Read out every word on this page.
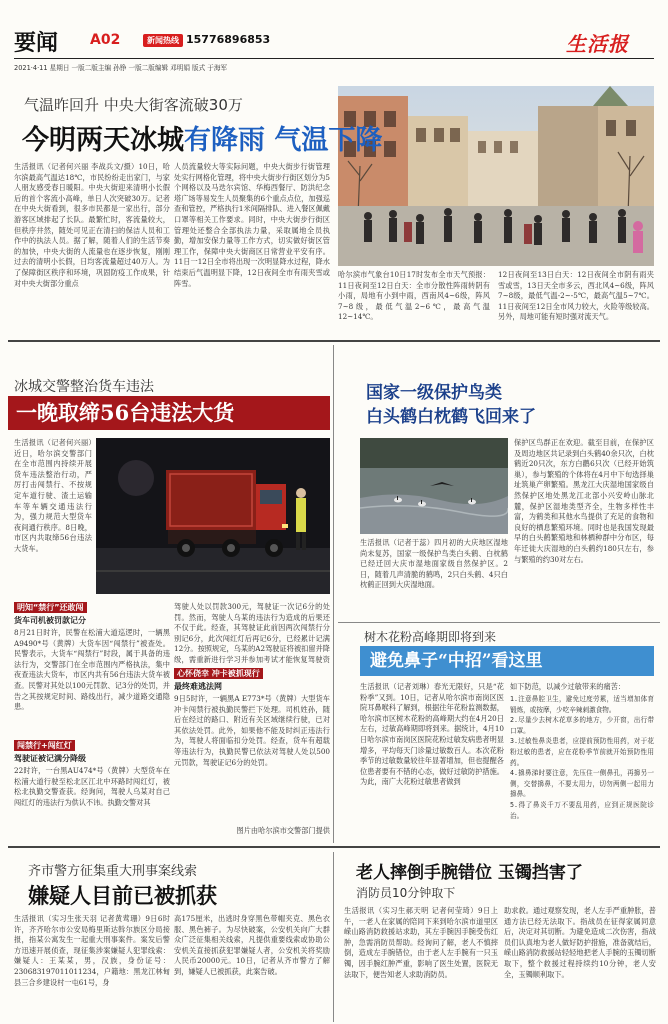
要闻 A02	新闻热线 15776896853	生活报
2021·4·11 星期日 一版二版主编 孙铮 一版二版编辑 邓明娟 版式 于海军
气温昨回升 中央大街客流破30万
今明两天冰城有降雨 气温下降
生活报讯（记者何兴丽 李战兵文/摄）10日，哈尔滨最高气温达18℃，市民纷纷走出家门，与家人朋友感受春日暖阳。中央大街迎来清明小长假后的首个客流小高峰，单日人次突破30万。记者在中央大街看到，很多市民都是一家出行，部分游客区域排起了长队。最繁忙时，客流量较大，但秩序井然，随处可见正在清扫的保洁人员和工作中的执法人员。据了解，随着人们的生活节奏的加快，中央大街的人流量也在逐步恢复，刚刚过去的清明小长假，日均客流量超过40万人。为了保障街区秩序和环境，巩固防疫工作成果，针对中央大街部分重点
人员流量较大等实际问题，中央大街步行街管理处实行网格化管理，将中央大街步行街区划分为5个网格以及马迭尔宾馆、华梅西餐厅、防洪纪念塔广场等易发生人员聚集的6个重点点位，加强巡查和管控，严格执行1米间隔排队、进入餐区佩戴口罩等相关工作要求。同时，中央大街步行街区管理处还整合全部执法力量，采取属地全员执勤，增加安保力量等工作方式，切实做好街区管理工作，保障中央大街商区日常营业平安有序。11日一12日全市将出现一次明显降水过程，降水结束后气温明显下降，12日夜间全市有雨夹雪或阵雪。
哈尔滨市气象台10日17时发布全市天气预报：11日夜间至12日白天：全市分散性阵雨转阴有小雨，局地有小到中雨，西南风4~6级，阵风7~8级，最低气温2~6℃，最高气温12~14℃。
12日夜间至13日白天：12日夜间全市阴有雨夹雪或雪，13日天全市多云，西北风4~6级，阵风7~8级，最低气温-2~-5℃，最高气温5~7℃。11日夜间至12日全市风力较大，火险等级较高。另外，局地可能有短时强对流天气。
冰城交警整治货车违法
一晚取缔56台违法大货
生活报讯（记者何兴丽）近日，哈尔滨交警部门在全市范围内持续开展货车违法整治行动，严厉打击闯禁行、不按规定车道行驶、渣土运输车等车辆交通违法行为，强力规范大型货车夜间通行秩序。8日晚，市区内共取缔56台违法大货车。
明知“禁行”还敢闯
货车司机被罚款记分
8月21日时许，民警在松浦大道巡逻时，一辆黑A9490*号（黄牌）大货车因“闯禁行”被查处。民警表示，大货车“闯禁行”时段，属于具备的违法行为，交警部门在全市范围内严格执法，集中夜查违法大货车，市区内共有56台违法大货车被查。民警对其处以100元罚款、记3分的处罚，并告之其按规定时间、路线出行，减少道路交通隐患。
闯禁行+闯红灯
驾驶证被记满分降级
22时许，一台黑AU474*号（黄牌）大型货车在松浦大道行驶至松北区江北中环路时闯红灯，被松北执勤交警查获。经询问，驾驶人乌某对自己闯红灯的违法行为供认不讳。执勤交警对其
驾驶人处以罚款300元，驾驶证一次记6分的处罚。然而，驾驶人乌某的违法行为造成的后果还不仅于此。经查，其驾驶证此前因两次闯禁行分别记6分，此次闯红灯后再记6分，已经累计记满12分。按照规定，乌某的A2驾驶证将被扣留并降级，需重新进行学习并参加考试才能恢复驾驶资
心怀侥幸 冲卡被抓现行
最终难逃法网
9日5时许，一辆黑A E773*号（黄牌）大型货车冲卡闯禁行被执勤民警拦下处理。司机姓孙，随后在经过的路口、附近有关区域继续行驶，已对其依法处罚。此外，如果他不能及时纠正违法行为，驾驶人将面临扣分处罚。经查，货车有超载等违法行为，执勤民警已依法对驾驶人处以500元罚款，驾驶证记6分的处罚。
图片由哈尔滨市交警部门提供
国家一级保护鸟类
白头鹤白枕鹤飞回来了
生活报讯（记者于蕊）四月初的大庆地区湿地尚未复苏，国家一级保护鸟类白头鹤、白枕鹤已经迁回大庆市湿地面家级自然保护区。2日，随着几声清脆的鹤鸣，2只白头鹤、4只白枕鹤正回到大庆湿地面。
保护区鸟群正在欢迎。截至目前，在保护区及周边地区共记录到白头鹤40余只次，白枕鹤近20只次，东方白鹳6只次（已经开始筑巢），参与繁殖的个体将在4月中下旬选择巢址筑巢产卵繁殖。黑龙江大庆湿地国家级自然保护区地处黑龙江北部小兴安岭山脉北麓，保护区湿地类型齐全，生物多样性丰富，为鹤类和其他水鸟提供了充足的食物和良好的栖息繁殖环境。同时也是我国发现最早的白头鹤繁殖地和林栖种群中分布区，每年迁徙大庆湿地的白头鹤约180只左右，参与繁殖的约30对左右。
树木花粉高峰期即将到来
避免鼻子“中招”看这里
生活报讯（记者刘琳）春光无限好，只是“花粉季”又到。10日，记者从哈尔滨市南岗区医院耳鼻喉科了解到，根据往年花粉监测数据，哈尔滨市区树木花粉的高峰期大约在4月20日左右，过敏高峰期即将到来。据统计，4月10日哈尔滨市南岗区医院花粉过敏发病患者明显增多，平均每天门诊量过敏数百人。本次花粉季节的过敏数量较往年显著增加，但也提醒各位患者要有不错的心态，做好过敏防护措施。为此，南广大花粉过敏患者做到
如下防范，以减少过敏带来的痛苦：
1.注意鼻腔卫生，避免过度劳累，适当增加体育锻炼，或按摩，少吃辛辣刺激食物。
2.尽量少去树木花草多的地方，少开窗，出行带口罩。
3.过敏性鼻炎患者，应提前预防性用药，对于花粉过敏的患者，应在花粉季节前就开始预防性用药。
4.擤鼻涕时要注意，先压住一侧鼻孔，再擤另一侧，交替擤鼻，不要太用力，切勿两侧一起用力擤鼻。
5.得了鼻炎千万不要乱用药，应到正规医院诊治。
齐市警方征集重大刑事案线索
嫌疑人目前已被抓获
生活报讯（实习生张天羽 记者黄莺珊）9日6时许，齐齐哈尔市公安局梅里斯达斡尔族区分局接报，指某公寓发生一起重大刑事案件。案发后警方迅速开展侦查，现征集涉案嫌疑人犯罪线索：嫌疑人：王某某，男，汉族，身份证号：230683197011011234，户籍地：黑龙江林甸县三合乡建设村一屯61号，身
高175厘米，出逃时身穿黑色带帽夹克、黑色衣服、黑色裤子。为尽快破案，公安机关向广大群众广泛征集相关线索，凡提供重要线索或协助公安机关直接抓获犯罪嫌疑人者，公安机关将奖励人民币20000元。10日，记者从齐市警方了解到，嫌疑人已被抓获，此案告破。
老人摔倒手腕错位 玉镯挡害了
消防员10分钟取下
生活报讯（实习生郝天明 记者何莹琦）9日上午，一老人在家属的陪同下来到哈尔滨市道里区嵘山路消防救援站求助，其左手腕因手腕受伤红肿，急需消防员帮助。经询问了解，老人不慎摔倒，造成左手腕错位，由于老人左手腕有一只玉镯，因手腕红肿严重，影响了医生处置，医院无法取下，便告知老人求助消防员。
助求救。通过观察发现，老人左手严重肿胀，普通方法已经无法取下。指战员在征得家属同意后，决定对其切断。为避免造成二次伤害，指战员们认真地为老人做好防护措施，准备就结后，嵘山路消防救援站轻轻地把老人手腕的玉镯切断取下，整个救援过程持续约10分钟，老人安全，玉镯顺利取下。
